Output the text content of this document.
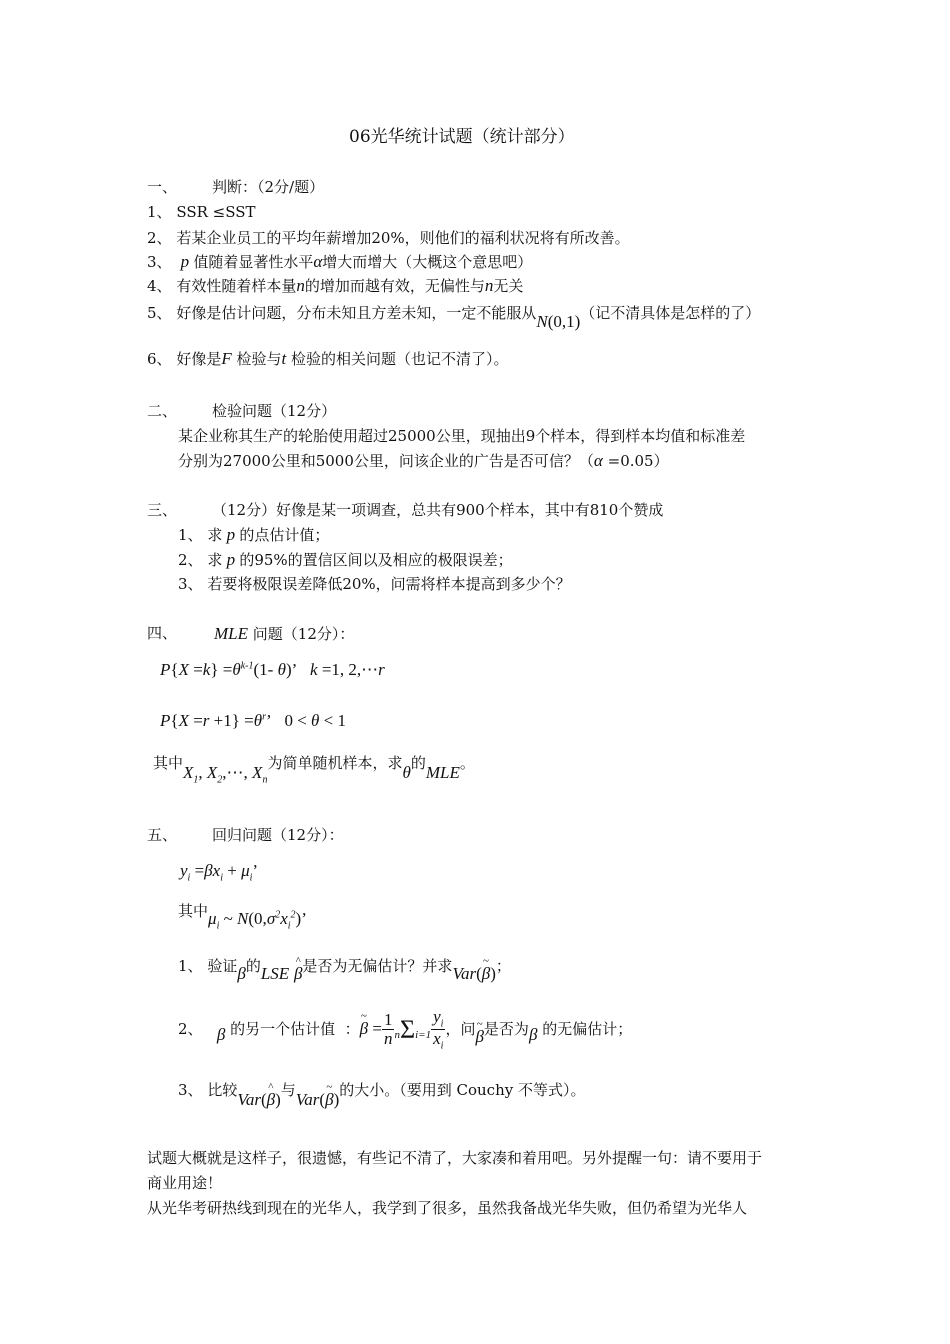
06光华统计试题（统计部分）
一、 判断：（2分/题）
1、 SSR ≤SST
2、 若某企业员工的平均年薪增加20%，则他们的福利状况将有所改善。
3、  p 值随着显著性水平α增大而增大（大概这个意思吧）
4、 有效性随着样本量n的增加而越有效，无偏性与n无关
5、 好像是估计问题，分布未知且方差未知，一定不能服从N(0,1)（记不清具体是怎样的了）
6、 好像是F 检验与t 检验的相关问题（也记不清了）。
二、 检验问题（12分）
某企业称其生产的轮胎使用超过25000公里，现抽出9个样本，得到样本均值和标准差
分别为27000公里和5000公里，问该企业的广告是否可信？（α =0.05）
三、 （12分）好像是某一项调查，总共有900个样本，其中有810个赞成
1、 求 p 的点估计值；
2、 求 p 的95%的置信区间以及相应的极限误差；
3、 若要将极限误差降低20%，问需将样本提高到多少个？
四、 MLE 问题（12分）：
$P\{X =k\} =\theta^{k-1}(1-$ θ)’   k =1, 2,⋯r
$P\{X =r +1\} =\theta^r$’ 0 < θ < 1
其中$X_1$, $X_2,\cdots$, $X_n$为简单随机样本，求θ的MLE。
五、 回归问题（12分）：
$y_i =\beta x_i + \mu_i$’
其中$\mu_i$ ~ $N(0,\sigma^2x_i^2)$’
1、 验证β的LSE
^
β是否为无偏估计？并求Var(
~
β)；
2、 β 的另一个估计值  ：
~
$\beta = \frac{1}{n} n\Sigma i=1 \frac{y_i}{x_i}$ ，问 ~
β是否为β 的无偏估计；
3、 比较Var(
^
β)与Var(
~
β)的大小。（要用到 Couchy 不等式）。
试题大概就是这样子，很遗憾，有些记不清了，大家凑和着用吧。另外提醒一句：请不要用于
商业用途！
从光华考研热线到现在的光华人，我学到了很多，虽然我备战光华失败，但仍希望为光华人
